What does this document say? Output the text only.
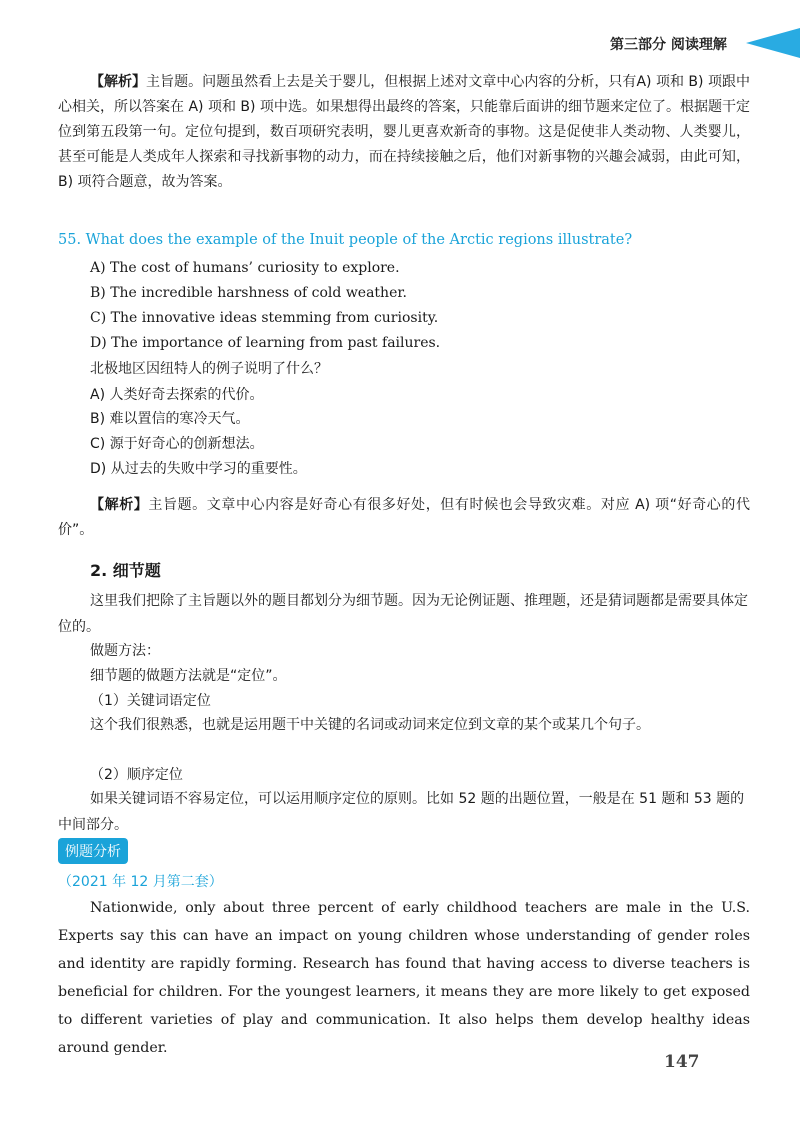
第三部分 阅读理解

【解析】主旨题。问题虽然看上去是关于婴儿，但根据上述对文章中心内容的分析，只有A) 项和 B) 项跟中心相关，所以答案在 A) 项和 B) 项中选。如果想得出最终的答案，只能靠后面讲的细节题来定位了。根据题干定位到第五段第一句。定位句提到，数百项研究表明，婴儿更喜欢新奇的事物。这是促使非人类动物、人类婴儿，甚至可能是人类成年人探索和寻找新事物的动力，而在持续接触之后，他们对新事物的兴趣会减弱，由此可知，B) 项符合题意，故为答案。

55. What does the example of the Inuit people of the Arctic regions illustrate?
A) The cost of humans’ curiosity to explore.
B) The incredible harshness of cold weather.
C) The innovative ideas stemming from curiosity.
D) The importance of learning from past failures.
北极地区因纽特人的例子说明了什么？
A) 人类好奇去探索的代价。
B) 难以置信的寒冷天气。
C) 源于好奇心的创新想法。
D) 从过去的失败中学习的重要性。

【解析】主旨题。文章中心内容是好奇心有很多好处，但有时候也会导致灾难。对应 A) 项“好奇心的代价”。

2. 细节题

这里我们把除了主旨题以外的题目都划分为细节题。因为无论例证题、推理题，还是猜词题都是需要具体定位的。

做题方法：
细节题的做题方法就是“定位”。
（1）关键词语定位

这个我们很熟悉，也就是运用题干中关键的名词或动词来定位到文章的某个或某几个句子。

（2）顺序定位

如果关键词语不容易定位，可以运用顺序定位的原则。比如 52 题的出题位置，一般是在 51 题和 53 题的中间部分。

例题分析
（2021 年 12 月第二套）

Nationwide, only about three percent of early childhood teachers are male in the U.S. Experts say this can have an impact on young children whose understanding of gender roles and identity are rapidly forming. Research has found that having access to diverse teachers is beneficial for children. For the youngest learners, it means they are more likely to get exposed to different varieties of play and communication. It also helps them develop healthy ideas around gender.

147
